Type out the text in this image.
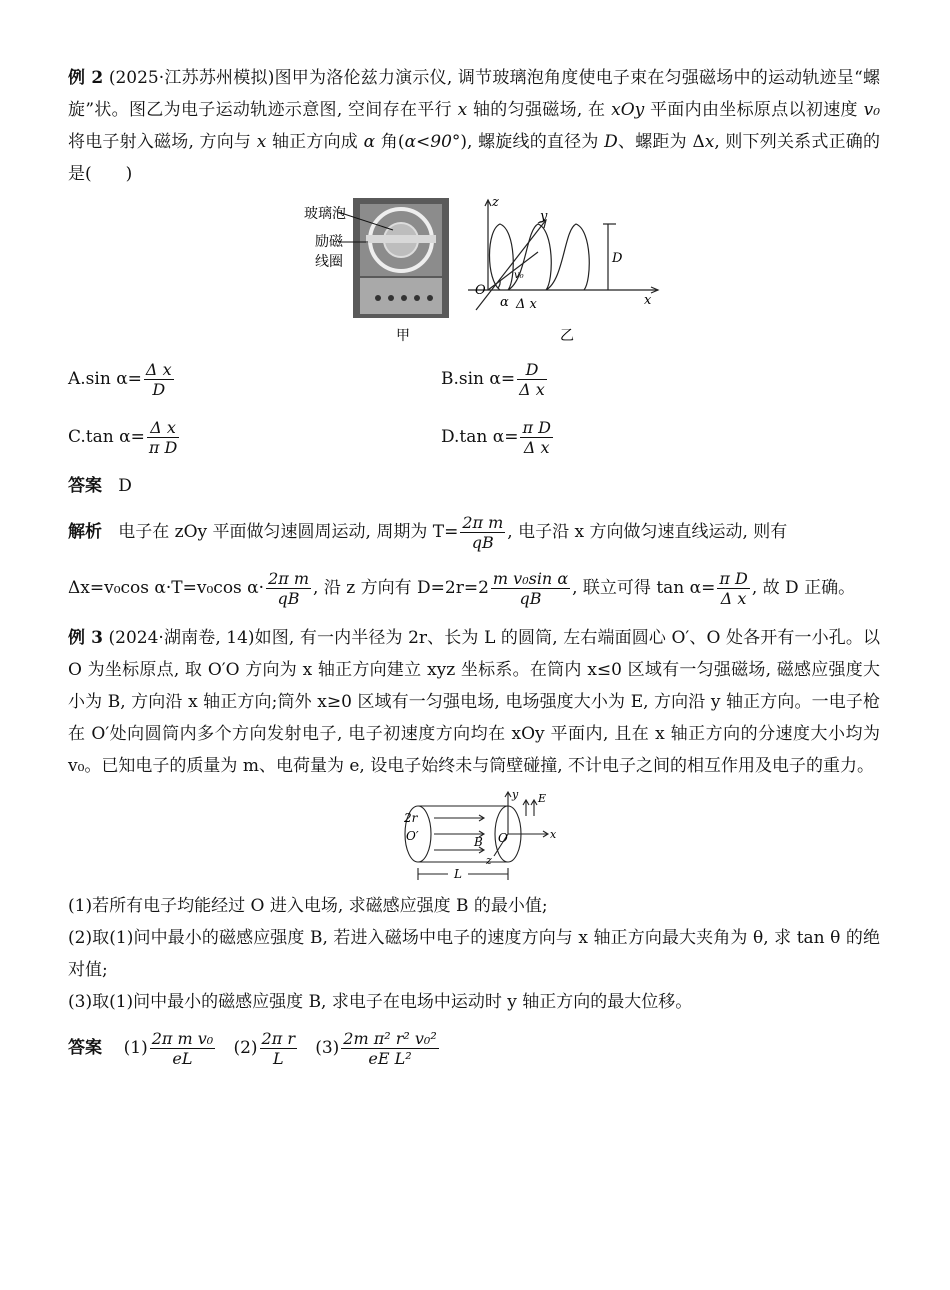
例 2 (2025·江苏苏州模拟)图甲为洛伦兹力演示仪, 调节玻璃泡角度使电子束在匀强磁场中的运动轨迹呈“螺旋”状。图乙为电子运动轨迹示意图, 空间存在平行 x 轴的匀强磁场, 在 xOy 平面内由坐标原点以初速度 v₀将电子射入磁场, 方向与 x 轴正方向成 α 角(α<90°), 螺旋线的直径为 D、螺距为 Δx, 则下列关系式正确的是(　　)

玻璃泡
励磁
线圈
甲
z
y
x
O
α Δ x
D
v₀
乙
A.sin $\alpha= \frac{\text{Δ x}}{D}$	B.sin $\alpha= \frac{D}{\text{Δ x}}$
C.tan $\alpha= \frac{\text{Δ x}}{\text{π D}}$	D.tan $\alpha= \frac{\text{π D}}{\text{Δ x}}$

答案 D

解析 电子在 zOy 平面做匀速圆周运动, 周期为 $T= \frac{\text{2π m}}{qB}$ , 电子沿 x 方向做匀速直线运动, 则有

Δx=v₀cos α·T=v₀cos $\alpha\cdot \frac{\text{2π m}}{qB}$ , 沿 z 方向有 $D=2r=2 \frac{\text{m v₀sin α}}{qB}$ , 联立可得 $\tan \alpha= \frac{\text{π D}}{\text{Δ x}}$ , 故 D 正确。

例 3 (2024·湖南卷, 14)如图, 有一内半径为 2r、长为 L 的圆筒, 左右端面圆心 O′、O 处各开有一小孔。以 O 为坐标原点, 取 O′O 方向为 x 轴正方向建立 xyz 坐标系。在筒内 x≤0 区域有一匀强磁场, 磁感应强度大小为 B, 方向沿 x 轴正方向;筒外 x≥0 区域有一匀强电场, 电场强度大小为 E, 方向沿 y 轴正方向。一电子枪在 O′处向圆筒内多个方向发射电子, 电子初速度方向均在 xOy 平面内, 且在 x 轴正方向的分速度大小均为 v₀。已知电子的质量为 m、电荷量为 e, 设电子始终未与筒壁碰撞, 不计电子之间的相互作用及电子的重力。

2r
O′	B O
y E
x
z
L

(1)若所有电子均能经过 O 进入电场, 求磁感应强度 B 的最小值;

(2)取(1)问中最小的磁感应强度 B, 若进入磁场中电子的速度方向与 x 轴正方向最大夹角为 θ, 求 tan θ 的绝对值;

(3)取(1)问中最小的磁感应强度 B, 求电子在电场中运动时 y 轴正方向的最大位移。

答案 $(1) \frac{\text{2π m v₀}}{eL} (2) \frac{\text{2π r}}{L} (3) \frac{\text{2m π² r² v₀²}}{\text{eE L²}}$
